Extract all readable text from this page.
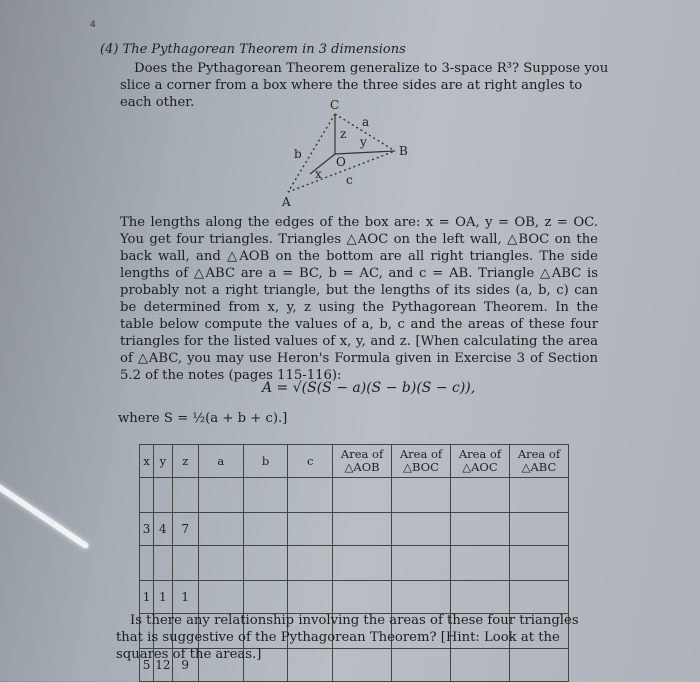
4
(4) The Pythagorean Theorem in 3 dimensions
Does the Pythagorean Theorem generalize to 3-space R³? Suppose you slice a corner from a box where the three sides are at right angles to each other.	C
A
B
O
a
b
c
x
y
z
The lengths along the edges of the box are: x = OA, y = OB, z = OC. You get four triangles. Triangles △AOC on the left wall, △BOC on the back wall, and △AOB on the bottom are all right triangles. The side lengths of △ABC are a = BC, b = AC, and c = AB. Triangle △ABC is probably not a right triangle, but the lengths of its sides (a, b, c) can be determined from x, y, z using the Pythagorean Theorem. In the table below compute the values of a, b, c and the areas of these four triangles for the listed values of x, y, and z. [When calculating the area of △ABC, you may use Heron's Formula given in Exercise 3 of Section 5.2 of the notes (pages 115-116):
A = √(S(S − a)(S − b)(S − c)),
where S = ½(a + b + c).]
x	y	z	a	b	c	Area of △AOB	Area of △BOC	Area of △AOC	Area of △ABC

3	4	7							

1	1	1							

5	12	9							
Is there any relationship involving the areas of these four triangles that is suggestive of the Pythagorean Theorem? [Hint: Look at the squares of the areas.]
